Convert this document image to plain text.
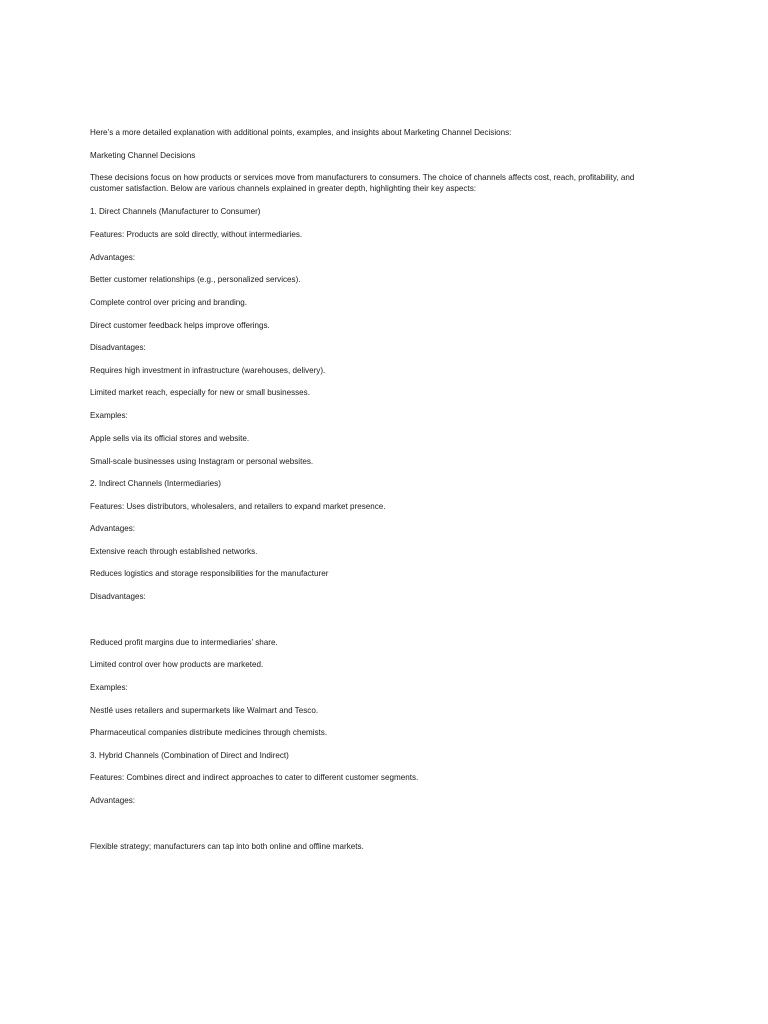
Here’s a more detailed explanation with additional points, examples, and insights about Marketing Channel Decisions:
Marketing Channel Decisions
These decisions focus on how products or services move from manufacturers to consumers. The choice of channels affects cost, reach, profitability, and customer satisfaction. Below are various channels explained in greater depth, highlighting their key aspects:
1. Direct Channels (Manufacturer to Consumer)
Features: Products are sold directly, without intermediaries.
Advantages:
Better customer relationships (e.g., personalized services).
Complete control over pricing and branding.
Direct customer feedback helps improve offerings.
Disadvantages:
Requires high investment in infrastructure (warehouses, delivery).
Limited market reach, especially for new or small businesses.
Examples:
Apple sells via its official stores and website.
Small-scale businesses using Instagram or personal websites.
2. Indirect Channels (Intermediaries)
Features: Uses distributors, wholesalers, and retailers to expand market presence.
Advantages:
Extensive reach through established networks.
Reduces logistics and storage responsibilities for the manufacturer
Disadvantages:
Reduced profit margins due to intermediaries’ share.
Limited control over how products are marketed.
Examples:
Nestlé uses retailers and supermarkets like Walmart and Tesco.
Pharmaceutical companies distribute medicines through chemists.
3. Hybrid Channels (Combination of Direct and Indirect)
Features: Combines direct and indirect approaches to cater to different customer segments.
Advantages:
Flexible strategy; manufacturers can tap into both online and offline markets.
